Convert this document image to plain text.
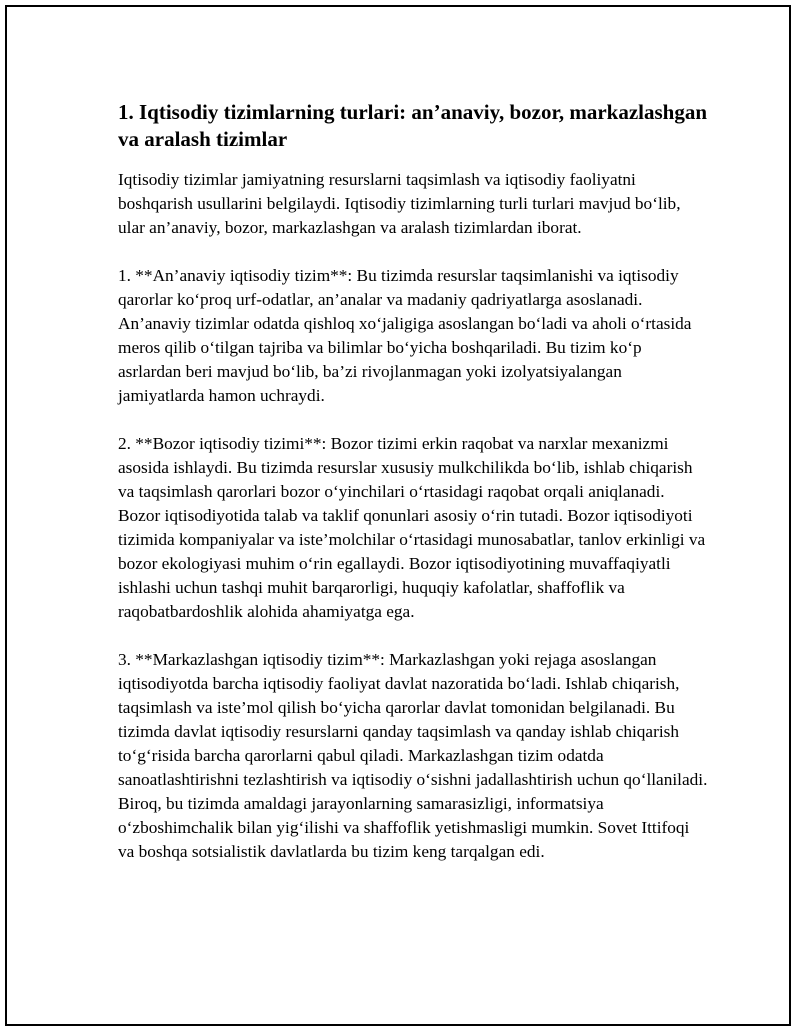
1. Iqtisodiy tizimlarning turlari: an’anaviy, bozor, markazlashgan va aralash tizimlar

Iqtisodiy tizimlar jamiyatning resurslarni taqsimlash va iqtisodiy faoliyatni boshqarish usullarini belgilaydi. Iqtisodiy tizimlarning turli turlari mavjud bo‘lib, ular an’anaviy, bozor, markazlashgan va aralash tizimlardan iborat.

1. **An’anaviy iqtisodiy tizim**: Bu tizimda resurslar taqsimlanishi va iqtisodiy qarorlar ko‘proq urf-odatlar, an’analar va madaniy qadriyatlarga asoslanadi. An’anaviy tizimlar odatda qishloq xo‘jaligiga asoslangan bo‘ladi va aholi o‘rtasida meros qilib o‘tilgan tajriba va bilimlar bo‘yicha boshqariladi. Bu tizim ko‘p asrlardan beri mavjud bo‘lib, ba’zi rivojlanmagan yoki izolyatsiyalangan jamiyatlarda hamon uchraydi.

2. **Bozor iqtisodiy tizimi**: Bozor tizimi erkin raqobat va narxlar mexanizmi asosida ishlaydi. Bu tizimda resurslar xususiy mulkchilikda bo‘lib, ishlab chiqarish va taqsimlash qarorlari bozor o‘yinchilari o‘rtasidagi raqobat orqali aniqlanadi. Bozor iqtisodiyotida talab va taklif qonunlari asosiy o‘rin tutadi. Bozor iqtisodiyoti tizimida kompaniyalar va iste’molchilar o‘rtasidagi munosabatlar, tanlov erkinligi va bozor ekologiyasi muhim o‘rin egallaydi. Bozor iqtisodiyotining muvaffaqiyatli ishlashi uchun tashqi muhit barqarorligi, huquqiy kafolatlar, shaffoflik va raqobatbardoshlik alohida ahamiyatga ega.

3. **Markazlashgan iqtisodiy tizim**: Markazlashgan yoki rejaga asoslangan iqtisodiyotda barcha iqtisodiy faoliyat davlat nazoratida bo‘ladi. Ishlab chiqarish, taqsimlash va iste’mol qilish bo‘yicha qarorlar davlat tomonidan belgilanadi. Bu tizimda davlat iqtisodiy resurslarni qanday taqsimlash va qanday ishlab chiqarish to‘g‘risida barcha qarorlarni qabul qiladi. Markazlashgan tizim odatda sanoatlashtirishni tezlashtirish va iqtisodiy o‘sishni jadallashtirish uchun qo‘llaniladi. Biroq, bu tizimda amaldagi jarayonlarning samarasizligi, informatsiya o‘zboshimchalik bilan yig‘ilishi va shaffoflik yetishmasligi mumkin. Sovet Ittifoqi va boshqa sotsialistik davlatlarda bu tizim keng tarqalgan edi.
